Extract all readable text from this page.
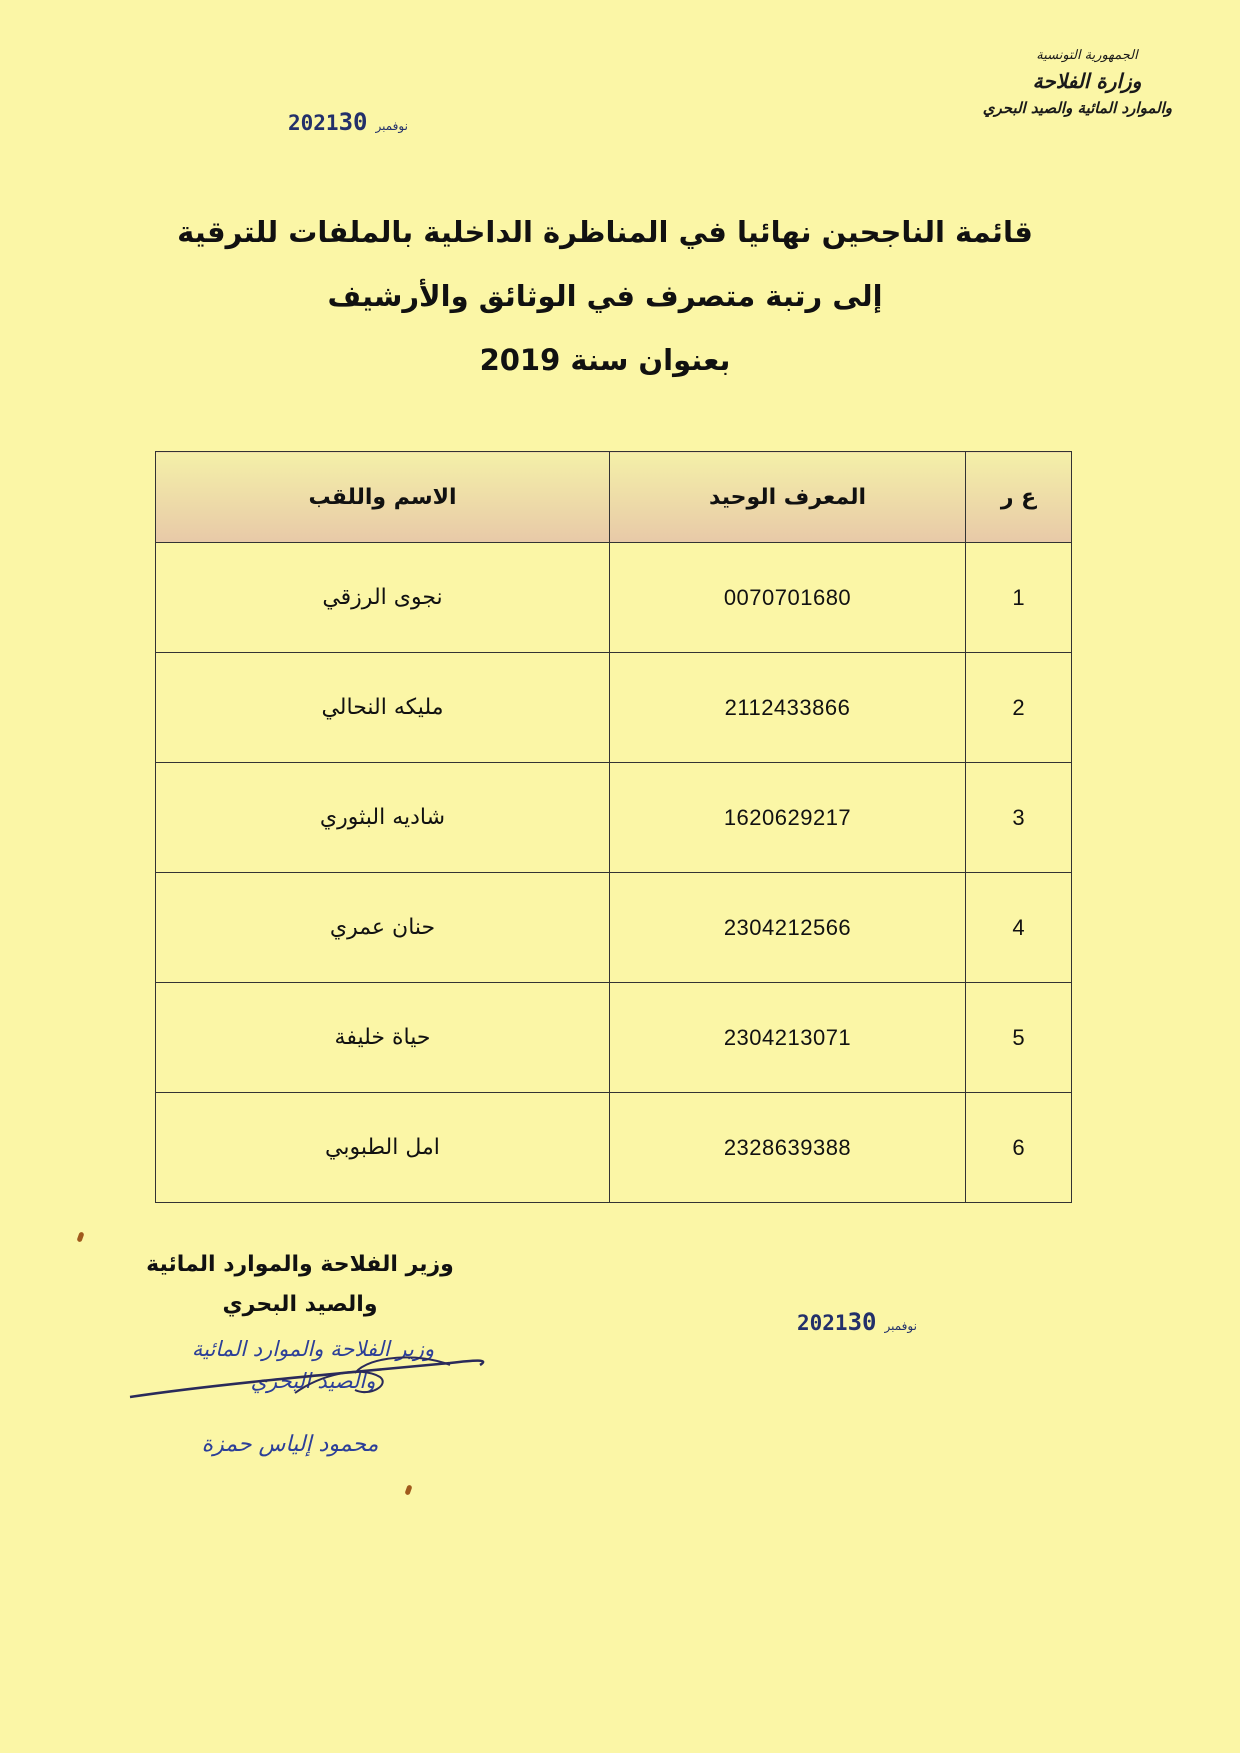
الجمهورية التونسية
وزارة الفلاحة
والموارد المائية والصيد البحري
2021	نوفمبر30
قائمة الناجحين نهائيا في المناظرة الداخلية بالملفات للترقية
إلى رتبة متصرف في الوثائق والأرشيف
بعنوان سنة 2019
ع ر	المعرف الوحيد	الاسم واللقب
1	0070701680	نجوى الرزقي
2	2112433866	مليكه النحالي
3	1620629217	شاديه البثوري
4	2304212566	حنان عمري
5	2304213071	حياة خليفة
6	2328639388	امل الطبوبي
وزير الفلاحة والموارد المائية
والصيد البحري
2021	نوفمبر30
وزير الفلاحة والموارد المائية
والصيد البحري
محمود إلياس حمزة
